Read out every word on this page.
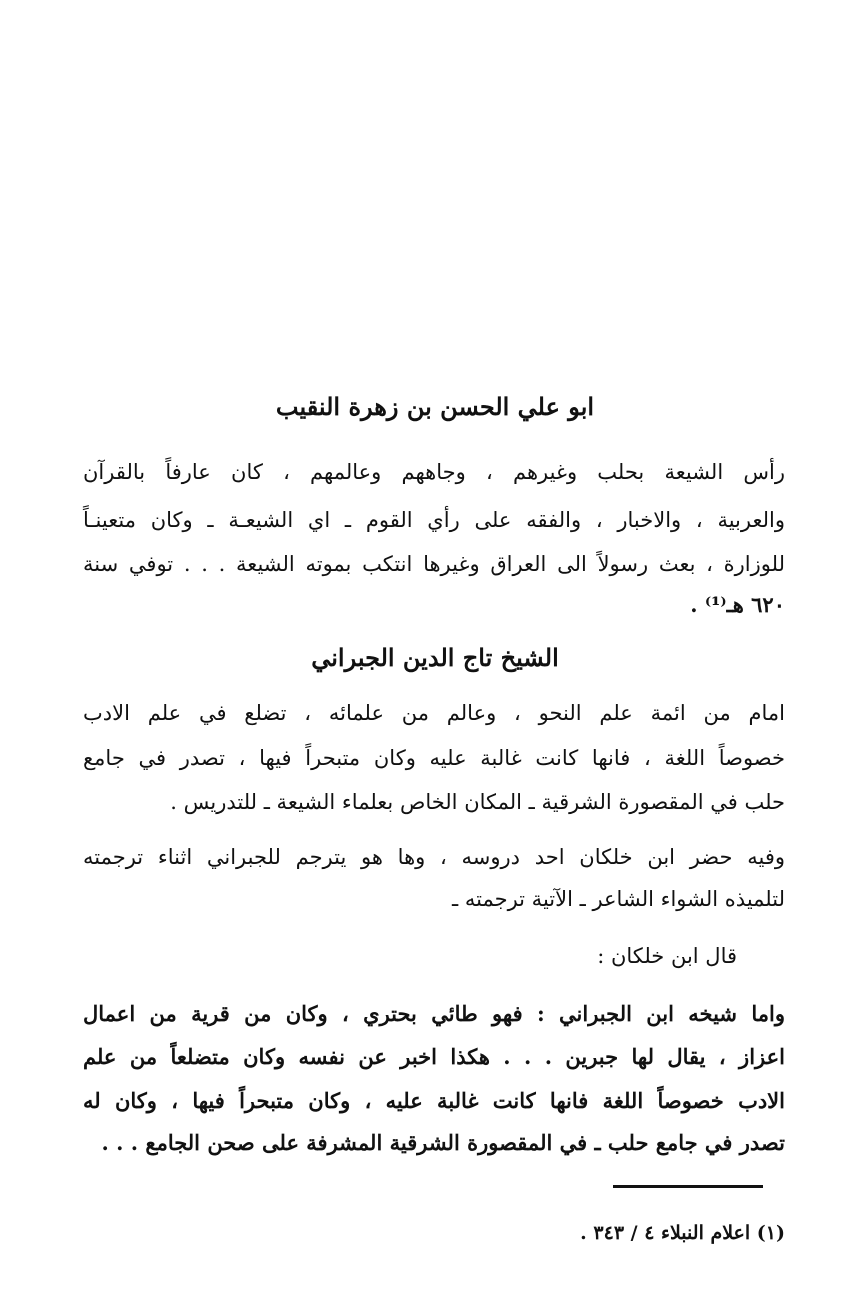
ابو علي الحسن بن زهرة النقيب
رأس الشيعة بحلب وغيرهم ، وجاههم وعالمهم ، كان عارفاً بالقرآن
والعربية ، والاخبار ، والفقه على رأي القوم ـ اي الشيعـة ـ وكان متعينـاً
للوزارة ، بعث رسولاً الى العراق وغيرها انتكب بموته الشيعة . . . توفي سنة
٦٢٠ هـ⁽¹⁾ .
الشيخ تاج الدين الجبراني
امام من ائمة علم النحو ، وعالم من علمائه ، تضلع في علم الادب
خصوصاً اللغة ، فانها كانت غالبة عليه وكان متبحراً فيها ، تصدر في جامع
حلب في المقصورة الشرقية ـ المكان الخاص بعلماء الشيعة ـ للتدريس .
وفيه حضر ابن خلكان احد دروسه ، وها هو يترجم للجبراني اثناء ترجمته
لتلميذه الشواء الشاعر ـ الآتية ترجمته ـ
قال ابن خلكان :
واما شيخه ابن الجبراني : فهو طائي بحتري ، وكان من قرية من اعمال
اعزاز ، يقال لها جبرين . . . هكذا اخبر عن نفسه وكان متضلعاً من علم
الادب خصوصاً اللغة فانها كانت غالبة عليه ، وكان متبحراً فيها ، وكان له
تصدر في جامع حلب ـ في المقصورة الشرقية المشرفة على صحن الجامع . . .
(١) اعلام النبلاء ٤ / ٣٤٣ .
